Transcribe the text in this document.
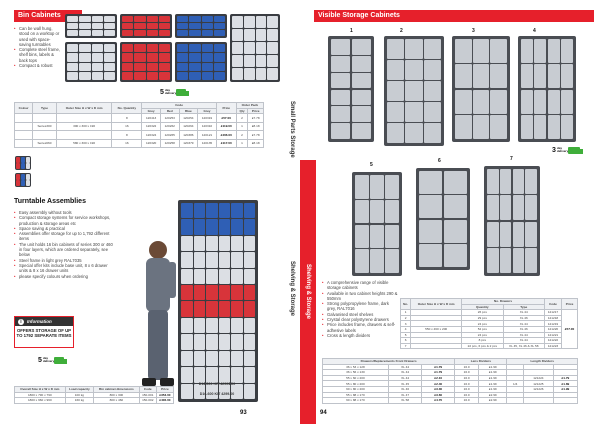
Bin Cabinets
• Can be wall hung, stood on a worktop or used with space-saving turntables
• Complete steel frame, shelf bins, labels & back tops
• Compact & robust
5 day delivery
Colour	Type	Outer Size H x W x D mm	No. Quantity	Code				Price	Order Pack	
				Grey	Red	Blue	Grey		Qty	Price
			8	120413	120253	120254	120319	£57.00	2	£7.78
	Series300	300 x 300 x 190	16	120322	120262	120264	120310	£119.00	1	£8.18
			8	120324	120265	120386	120121	£466.00	2	£7.78
	Series660	580 x 300 x 190	16	120320	120258	120379	120135	£117.00	1	£8.18
Turntable Assemblies
• Easy assembly without tools
• Compact storage systems for service workshops, production & storage areas etc
• Space saving & practical
• Assemblies offer storage for up to 1,792 different items
• The unit holds 16 bin cabinets of series 300 or 460 in four layers, which are ordered separately, see below
• Steel frame in light grey RAL7035
• Special offer kits include base unit, 8 x 6 drawer units & 8 x 16 drawer units
• please specify colours when ordering
D16-600 KIT 4290€.00
D16-600 KIT 4299.00
i	Information
OFFERS STORAGE OF UP TO 1792 SEPARATE ITEMS
5 day delivery
Overall Size H x W x D mm	Load capacity	Bin cabinet dimensions	Code	Price
1800 x 790 x 790	100 kg	800 x 300	150-001	£353.00
1800 x 960 x 960	160 kg	800 x 460	150-002	£406.00
93
Small Parts Storage
Shelving & Storage	Shelving & Storage
Visible Storage Cabinets
1	2	3	4
5
6	7
3 day delivery
• A comprehensive range of visible storage cabinets
• Available in two cabinet heights 290 & 550mm
• Strong polypropylene frame, dark grey, RAL7016
• Galvanised steel shelves
• Crystal clear polystyrene drawers
• Price includes frame, drawers & self-adhesive labels
• Cross & length dividers
No.	Outer Size H x W x D mm	No. Drawers		Code	Price
		Quantity	Type		
1		26 pcs	XL 44	121217	£57.00
2		29 pcs	XL 46	121218	
3		24 pcs	XL 44	121219	
4	550 x 460 x 200	52 pcs	XL 46	121220	
5		24 pcs	XL 44	121221	
6		8 pcs	XL 44	121222	
7		22 pcs, 6 pcs & 2 pcs	XL 45, XL 46 & XL 58	121223	
Drawers/Replacements Front Drawers			Lens Dividers		Length Dividers		
36 x 53 x 128	XL 44	£1.79	16.0	£1.99			
36 x 56 x 130	XL 44	£1.79	16.0	£1.99			
55 x 60 x 200	XL 44	£2.10	16.0	£1.99		121224	£1.79
55 x 80 x 200	XL 45	£2.40	16.0	£1.99	1/4	121225	£1.89
90 x 80 x 200	XL 46	£3.30	16.0	£1.99		121226	£1.99
55 x 88 x 170	XL 47	£3.60	16.0	£2.99			
90 x 88 x 170	XL 58	£4.70	16.0	£2.99			
94
